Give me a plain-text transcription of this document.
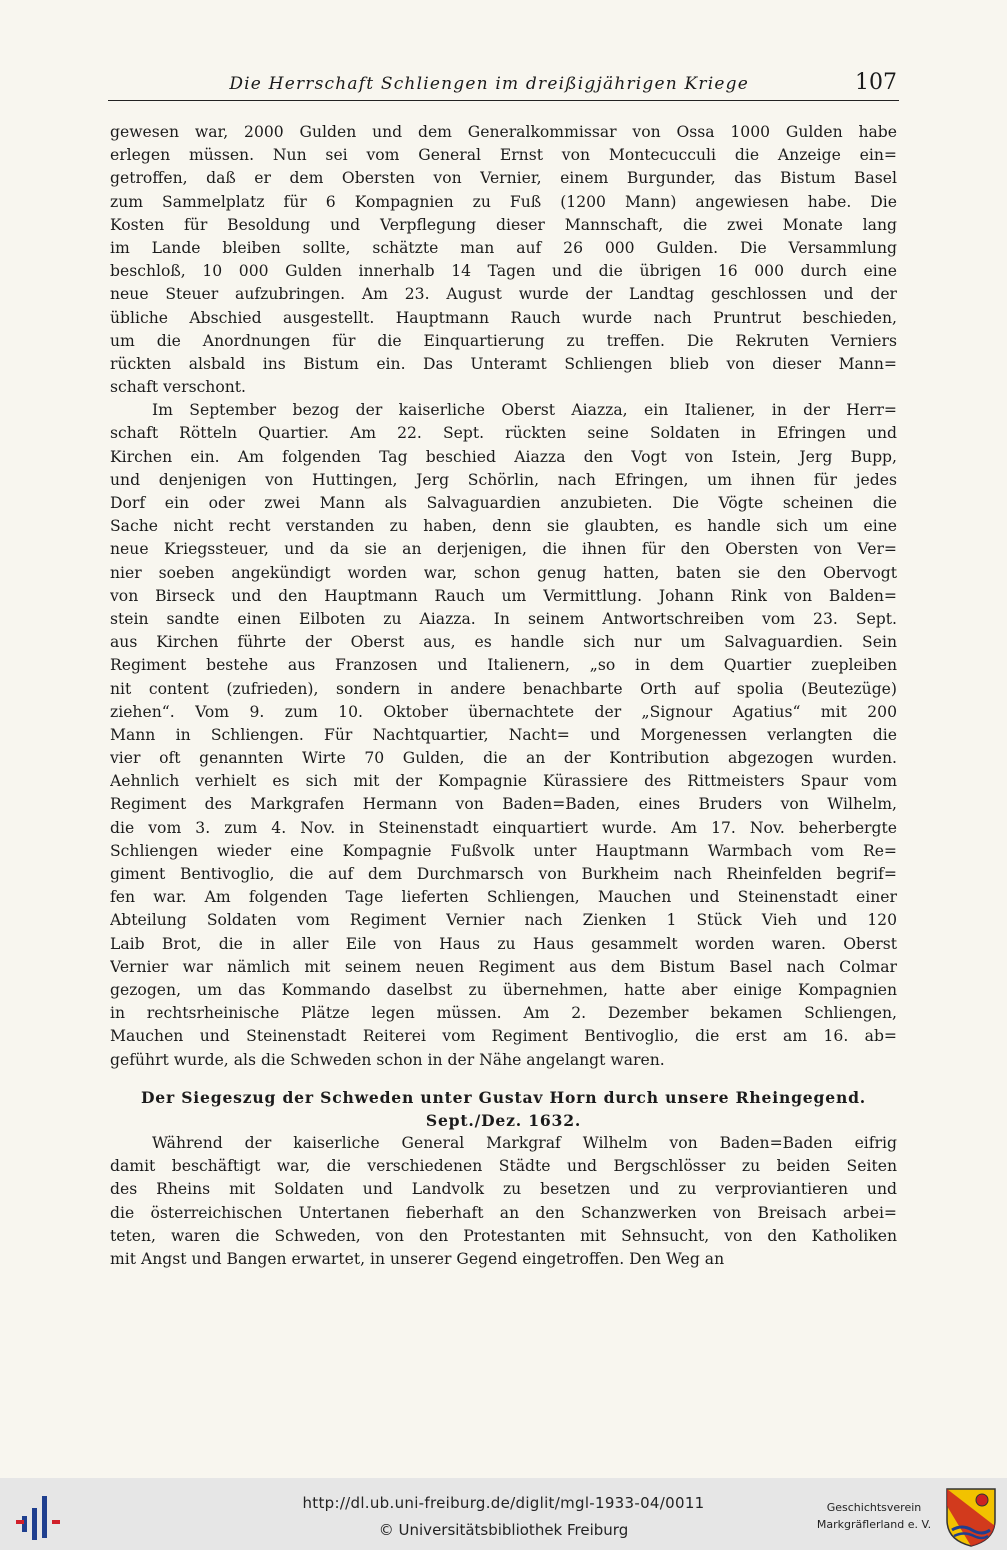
Die Herrschaft Schliengen im dreißigjährigen Kriege	107
gewesen war, 2000 Gulden und dem Generalkommissar von Ossa 1000 Gulden habe
erlegen müssen. Nun sei vom General Ernst von Montecucculi die Anzeige ein=
getroffen, daß er dem Obersten von Vernier, einem Burgunder, das Bistum Basel
zum Sammelplatz für 6 Kompagnien zu Fuß (1200 Mann) angewiesen habe. Die
Kosten für Besoldung und Verpflegung dieser Mannschaft, die zwei Monate lang
im Lande bleiben sollte, schätzte man auf 26 000 Gulden. Die Versammlung
beschloß, 10 000 Gulden innerhalb 14 Tagen und die übrigen 16 000 durch eine
neue Steuer aufzubringen. Am 23. August wurde der Landtag geschlossen und der
übliche Abschied ausgestellt. Hauptmann Rauch wurde nach Pruntrut beschieden,
um die Anordnungen für die Einquartierung zu treffen. Die Rekruten Verniers
rückten alsbald ins Bistum ein. Das Unteramt Schliengen blieb von dieser Mann=
schaft verschont.
Im September bezog der kaiserliche Oberst Aiazza, ein Italiener, in der Herr=
schaft Rötteln Quartier. Am 22. Sept. rückten seine Soldaten in Efringen und
Kirchen ein. Am folgenden Tag beschied Aiazza den Vogt von Istein, Jerg Bupp,
und denjenigen von Huttingen, Jerg Schörlin, nach Efringen, um ihnen für jedes
Dorf ein oder zwei Mann als Salvaguardien anzubieten. Die Vögte scheinen die
Sache nicht recht verstanden zu haben, denn sie glaubten, es handle sich um eine
neue Kriegssteuer, und da sie an derjenigen, die ihnen für den Obersten von Ver=
nier soeben angekündigt worden war, schon genug hatten, baten sie den Obervogt
von Birseck und den Hauptmann Rauch um Vermittlung. Johann Rink von Balden=
stein sandte einen Eilboten zu Aiazza. In seinem Antwortschreiben vom 23. Sept.
aus Kirchen führte der Oberst aus, es handle sich nur um Salvaguardien. Sein
Regiment bestehe aus Franzosen und Italienern, „so in dem Quartier zuepleiben
nit content (zufrieden), sondern in andere benachbarte Orth auf spolia (Beutezüge)
ziehen“. Vom 9. zum 10. Oktober übernachtete der „Signour Agatius“ mit 200
Mann in Schliengen. Für Nachtquartier, Nacht= und Morgenessen verlangten die
vier oft genannten Wirte 70 Gulden, die an der Kontribution abgezogen wurden.
Aehnlich verhielt es sich mit der Kompagnie Kürassiere des Rittmeisters Spaur vom
Regiment des Markgrafen Hermann von Baden=Baden, eines Bruders von Wilhelm,
die vom 3. zum 4. Nov. in Steinenstadt einquartiert wurde. Am 17. Nov. beherbergte
Schliengen wieder eine Kompagnie Fußvolk unter Hauptmann Warmbach vom Re=
giment Bentivoglio, die auf dem Durchmarsch von Burkheim nach Rheinfelden begrif=
fen war. Am folgenden Tage lieferten Schliengen, Mauchen und Steinenstadt einer
Abteilung Soldaten vom Regiment Vernier nach Zienken 1 Stück Vieh und 120
Laib Brot, die in aller Eile von Haus zu Haus gesammelt worden waren. Oberst
Vernier war nämlich mit seinem neuen Regiment aus dem Bistum Basel nach Colmar
gezogen, um das Kommando daselbst zu übernehmen, hatte aber einige Kompagnien
in rechtsrheinische Plätze legen müssen. Am 2. Dezember bekamen Schliengen,
Mauchen und Steinenstadt Reiterei vom Regiment Bentivoglio, die erst am 16. ab=
geführt wurde, als die Schweden schon in der Nähe angelangt waren.
Der Siegeszug der Schweden unter Gustav Horn durch unsere Rheingegend.
Sept./Dez. 1632.
Während der kaiserliche General Markgraf Wilhelm von Baden=Baden eifrig
damit beschäftigt war, die verschiedenen Städte und Bergschlösser zu beiden Seiten
des Rheins mit Soldaten und Landvolk zu besetzen und zu verproviantieren und
die österreichischen Untertanen fieberhaft an den Schanzwerken von Breisach arbei=
teten, waren die Schweden, von den Protestanten mit Sehnsucht, von den Katholiken
mit Angst und Bangen erwartet, in unserer Gegend eingetroffen. Den Weg an
http://dl.ub.uni-freiburg.de/diglit/mgl-1933-04/0011
© Universitätsbibliothek Freiburg
Geschichtsverein
Markgräflerland e. V.
